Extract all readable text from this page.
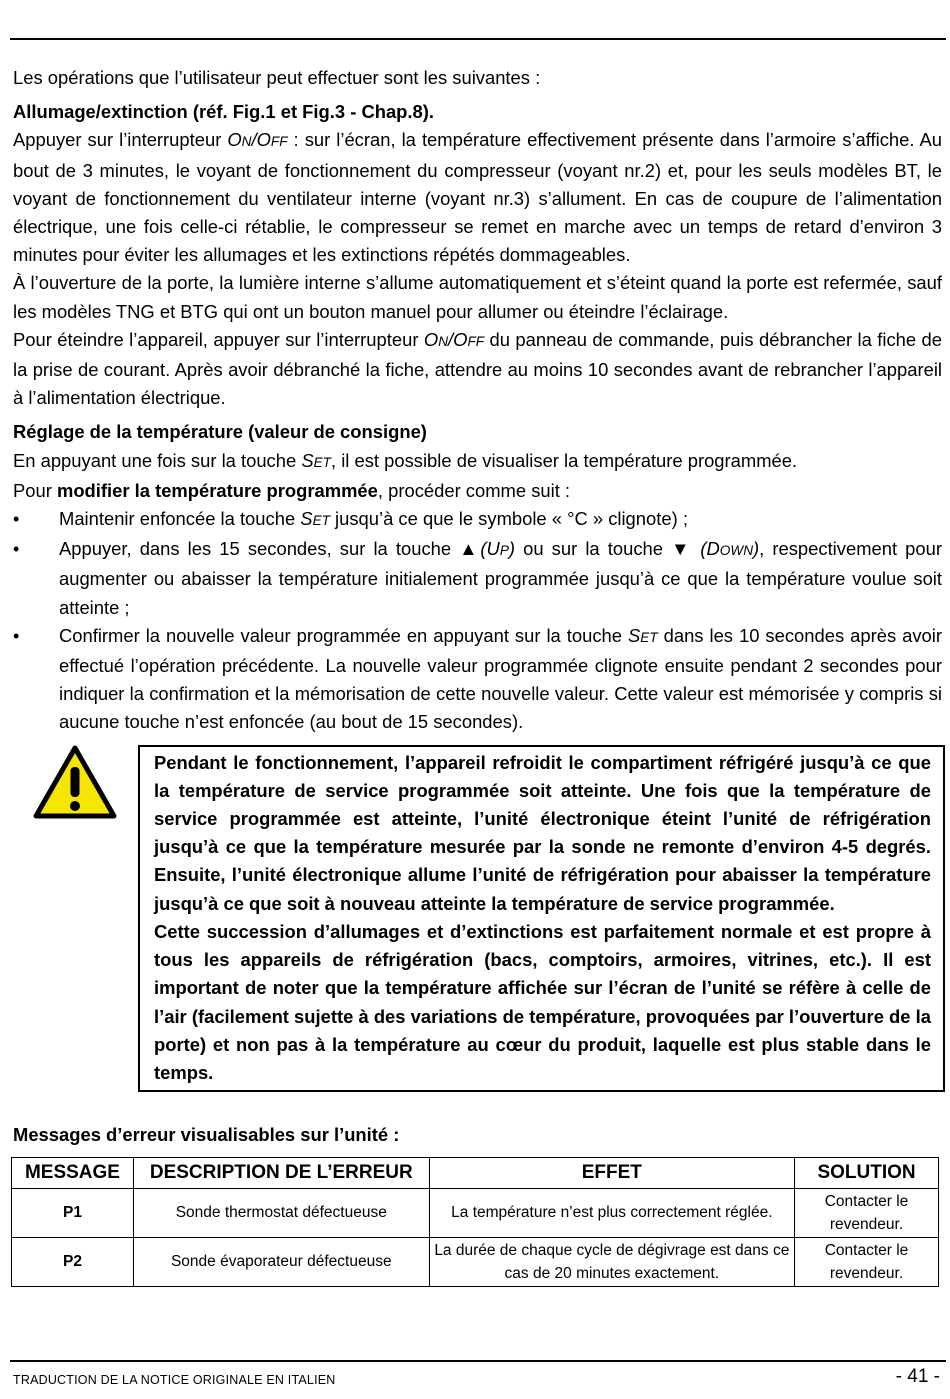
Les opérations que l’utilisateur peut effectuer sont les suivantes :

Allumage/extinction (réf. Fig.1 et Fig.3 - Chap.8).

Appuyer sur l’interrupteur ON/OFF : sur l’écran, la température effectivement présente dans l’armoire s’affiche. Au bout de 3 minutes, le voyant de fonctionnement du compresseur (voyant nr.2) et, pour les seuls modèles BT, le voyant de fonctionnement du ventilateur interne (voyant nr.3) s’allument. En cas de coupure de l’alimentation électrique, une fois celle-ci rétablie, le compresseur se remet en marche avec un temps de retard d’environ 3 minutes pour éviter les allumages et les extinctions répétés dommageables.

À l’ouverture de la porte, la lumière interne s’allume automatiquement et s’éteint quand la porte est refermée, sauf les modèles TNG et BTG qui ont un bouton manuel pour allumer ou éteindre l’éclairage.

Pour éteindre l’appareil, appuyer sur l’interrupteur ON/OFF du panneau de commande, puis débrancher la fiche de la prise de courant. Après avoir débranché la fiche, attendre au moins 10 secondes avant de rebrancher l’appareil à l’alimentation électrique.

Réglage de la température (valeur de consigne)

En appuyant une fois sur la touche SET, il est possible de visualiser la température programmée.

Pour modifier la température programmée, procéder comme suit :

• Maintenir enfoncée la touche SET jusqu’à ce que le symbole « °C » clignote) ;
• Appuyer, dans les 15 secondes, sur la touche ▲(UP) ou sur la touche ▼ (DOWN), respectivement pour augmenter ou abaisser la température initialement programmée jusqu’à ce que la température voulue soit atteinte ;
• Confirmer la nouvelle valeur programmée en appuyant sur la touche SET dans les 10 secondes après avoir effectué l’opération précédente. La nouvelle valeur programmée clignote ensuite pendant 2 secondes pour indiquer la confirmation et la mémorisation de cette nouvelle valeur. Cette valeur est mémorisée y compris si aucune touche n’est enfoncée (au bout de 15 secondes).

Pendant le fonctionnement, l’appareil refroidit le compartiment réfrigéré jusqu’à ce que la température de service programmée soit atteinte. Une fois que la température de service programmée est atteinte, l’unité électronique éteint l’unité de réfrigération jusqu’à ce que la température mesurée par la sonde ne remonte d’environ 4-5 degrés. Ensuite, l’unité électronique allume l’unité de réfrigération pour abaisser la température jusqu’à ce que soit à nouveau atteinte la température de service programmée.

Cette succession d’allumages et d’extinctions est parfaitement normale et est propre à tous les appareils de réfrigération (bacs, comptoirs, armoires, vitrines, etc.). Il est important de noter que la température affichée sur l’écran de l’unité se réfère à celle de l’air (facilement sujette à des variations de température, provoquées par l’ouverture de la porte) et non pas à la température au cœur du produit, laquelle est plus stable dans le temps.

Messages d’erreur visualisables sur l’unité :

MESSAGE	DESCRIPTION DE L’ERREUR	EFFET	SOLUTION
P1	Sonde thermostat défectueuse	La température n’est plus correctement réglée.	Contacter le revendeur.
P2	Sonde évaporateur défectueuse	La durée de chaque cycle de dégivrage est dans ce cas de 20 minutes exactement.	Contacter le revendeur.
TRADUCTION DE LA NOTICE ORIGINALE EN ITALIEN	- 41 -
